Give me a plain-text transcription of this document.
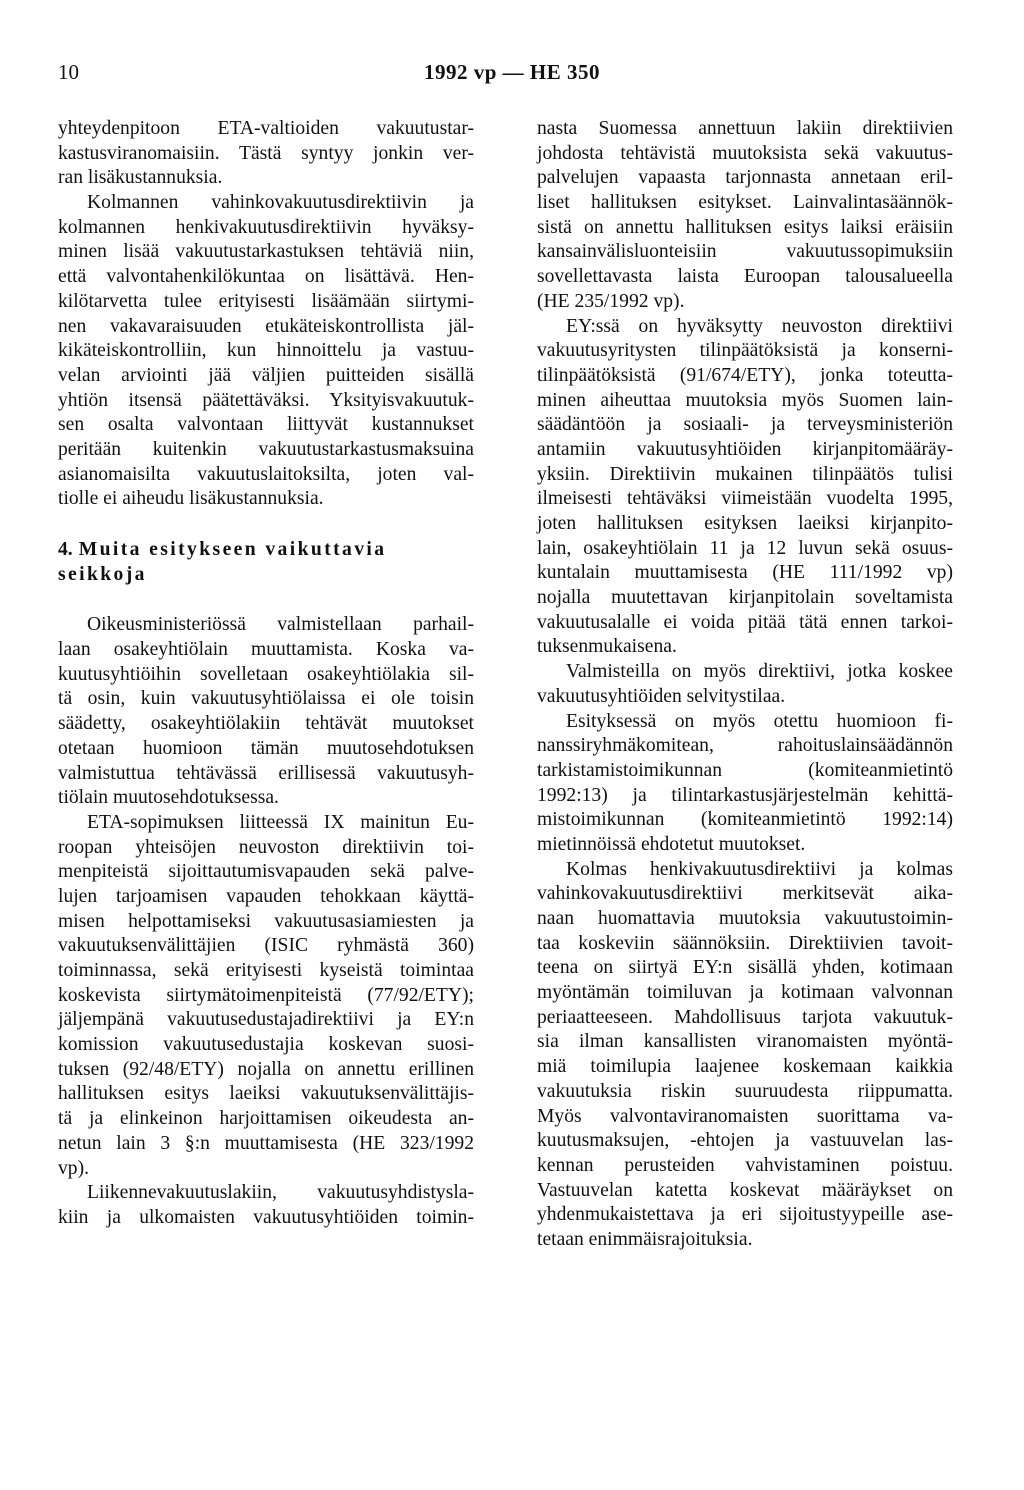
10	1992 vp — HE 350
yhteydenpitoon ETA-valtioiden vakuutustar-
kastusviranomaisiin. Tästä syntyy jonkin ver-
ran lisäkustannuksia.
Kolmannen vahinkovakuutusdirektiivin ja
kolmannen henkivakuutusdirektiivin hyväksy-
minen lisää vakuutustarkastuksen tehtäviä niin,
että valvontahenkilökuntaa on lisättävä. Hen-
kilötarvetta tulee erityisesti lisäämään siirtymi-
nen vakavaraisuuden etukäteiskontrollista jäl-
kikäteiskontrolliin, kun hinnoittelu ja vastuu-
velan arviointi jää väljien puitteiden sisällä
yhtiön itsensä päätettäväksi. Yksityisvakuutuk-
sen osalta valvontaan liittyvät kustannukset
peritään kuitenkin vakuutustarkastusmaksuina
asianomaisilta vakuutuslaitoksilta, joten val-
tiolle ei aiheudu lisäkustannuksia.
4. Muita esitykseen vaikuttavia
seikkoja
Oikeusministeriössä valmistellaan parhail-
laan osakeyhtiölain muuttamista. Koska va-
kuutusyhtiöihin sovelletaan osakeyhtiölakia sil-
tä osin, kuin vakuutusyhtiölaissa ei ole toisin
säädetty, osakeyhtiölakiin tehtävät muutokset
otetaan huomioon tämän muutosehdotuksen
valmistuttua tehtävässä erillisessä vakuutusyh-
tiölain muutosehdotuksessa.
ETA-sopimuksen liitteessä IX mainitun Eu-
roopan yhteisöjen neuvoston direktiivin toi-
menpiteistä sijoittautumisvapauden sekä palve-
lujen tarjoamisen vapauden tehokkaan käyttä-
misen helpottamiseksi vakuutusasiamiesten ja
vakuutuksenvälittäjien (ISIC ryhmästä 360)
toiminnassa, sekä erityisesti kyseistä toimintaa
koskevista siirtymätoimenpiteistä (77/92/ETY);
jäljempänä vakuutusedustajadirektiivi ja EY:n
komission vakuutusedustajia koskevan suosi-
tuksen (92/48/ETY) nojalla on annettu erillinen
hallituksen esitys laeiksi vakuutuksenvälittäjis-
tä ja elinkeinon harjoittamisen oikeudesta an-
netun lain 3 §:n muuttamisesta (HE 323/1992
vp).
Liikennevakuutuslakiin, vakuutusyhdistysla-
kiin ja ulkomaisten vakuutusyhtiöiden toimin-
nasta Suomessa annettuun lakiin direktiivien
johdosta tehtävistä muutoksista sekä vakuutus-
palvelujen vapaasta tarjonnasta annetaan eril-
liset hallituksen esitykset. Lainvalintasäännök-
sistä on annettu hallituksen esitys laiksi eräisiin
kansainvälisluonteisiin vakuutussopimuksiin
sovellettavasta laista Euroopan talousalueella
(HE 235/1992 vp).
EY:ssä on hyväksytty neuvoston direktiivi
vakuutusyritysten tilinpäätöksistä ja konserni-
tilinpäätöksistä (91/674/ETY), jonka toteutta-
minen aiheuttaa muutoksia myös Suomen lain-
säädäntöön ja sosiaali- ja terveysministeriön
antamiin vakuutusyhtiöiden kirjanpitomääräy-
yksiin. Direktiivin mukainen tilinpäätös tulisi
ilmeisesti tehtäväksi viimeistään vuodelta 1995,
joten hallituksen esityksen laeiksi kirjanpito-
lain, osakeyhtiölain 11 ja 12 luvun sekä osuus-
kuntalain muuttamisesta (HE 111/1992 vp)
nojalla muutettavan kirjanpitolain soveltamista
vakuutusalalle ei voida pitää tätä ennen tarkoi-
tuksenmukaisena.
Valmisteilla on myös direktiivi, jotka koskee
vakuutusyhtiöiden selvitystilaa.
Esityksessä on myös otettu huomioon fi-
nanssiryhmäkomitean, rahoituslainsäädännön
tarkistamistoimikunnan (komiteanmietintö
1992:13) ja tilintarkastusjärjestelmän kehittä-
mistoimikunnan (komiteanmietintö 1992:14)
mietinnöissä ehdotetut muutokset.
Kolmas henkivakuutusdirektiivi ja kolmas
vahinkovakuutusdirektiivi merkitsevät aika-
naan huomattavia muutoksia vakuutustoimin-
taa koskeviin säännöksiin. Direktiivien tavoit-
teena on siirtyä EY:n sisällä yhden, kotimaan
myöntämän toimiluvan ja kotimaan valvonnan
periaatteeseen. Mahdollisuus tarjota vakuutuk-
sia ilman kansallisten viranomaisten myöntä-
miä toimilupia laajenee koskemaan kaikkia
vakuutuksia riskin suuruudesta riippumatta.
Myös valvontaviranomaisten suorittama va-
kuutusmaksujen, -ehtojen ja vastuuvelan las-
kennan perusteiden vahvistaminen poistuu.
Vastuuvelan katetta koskevat määräykset on
yhdenmukaistettava ja eri sijoitustyypeille ase-
tetaan enimmäisrajoituksia.
